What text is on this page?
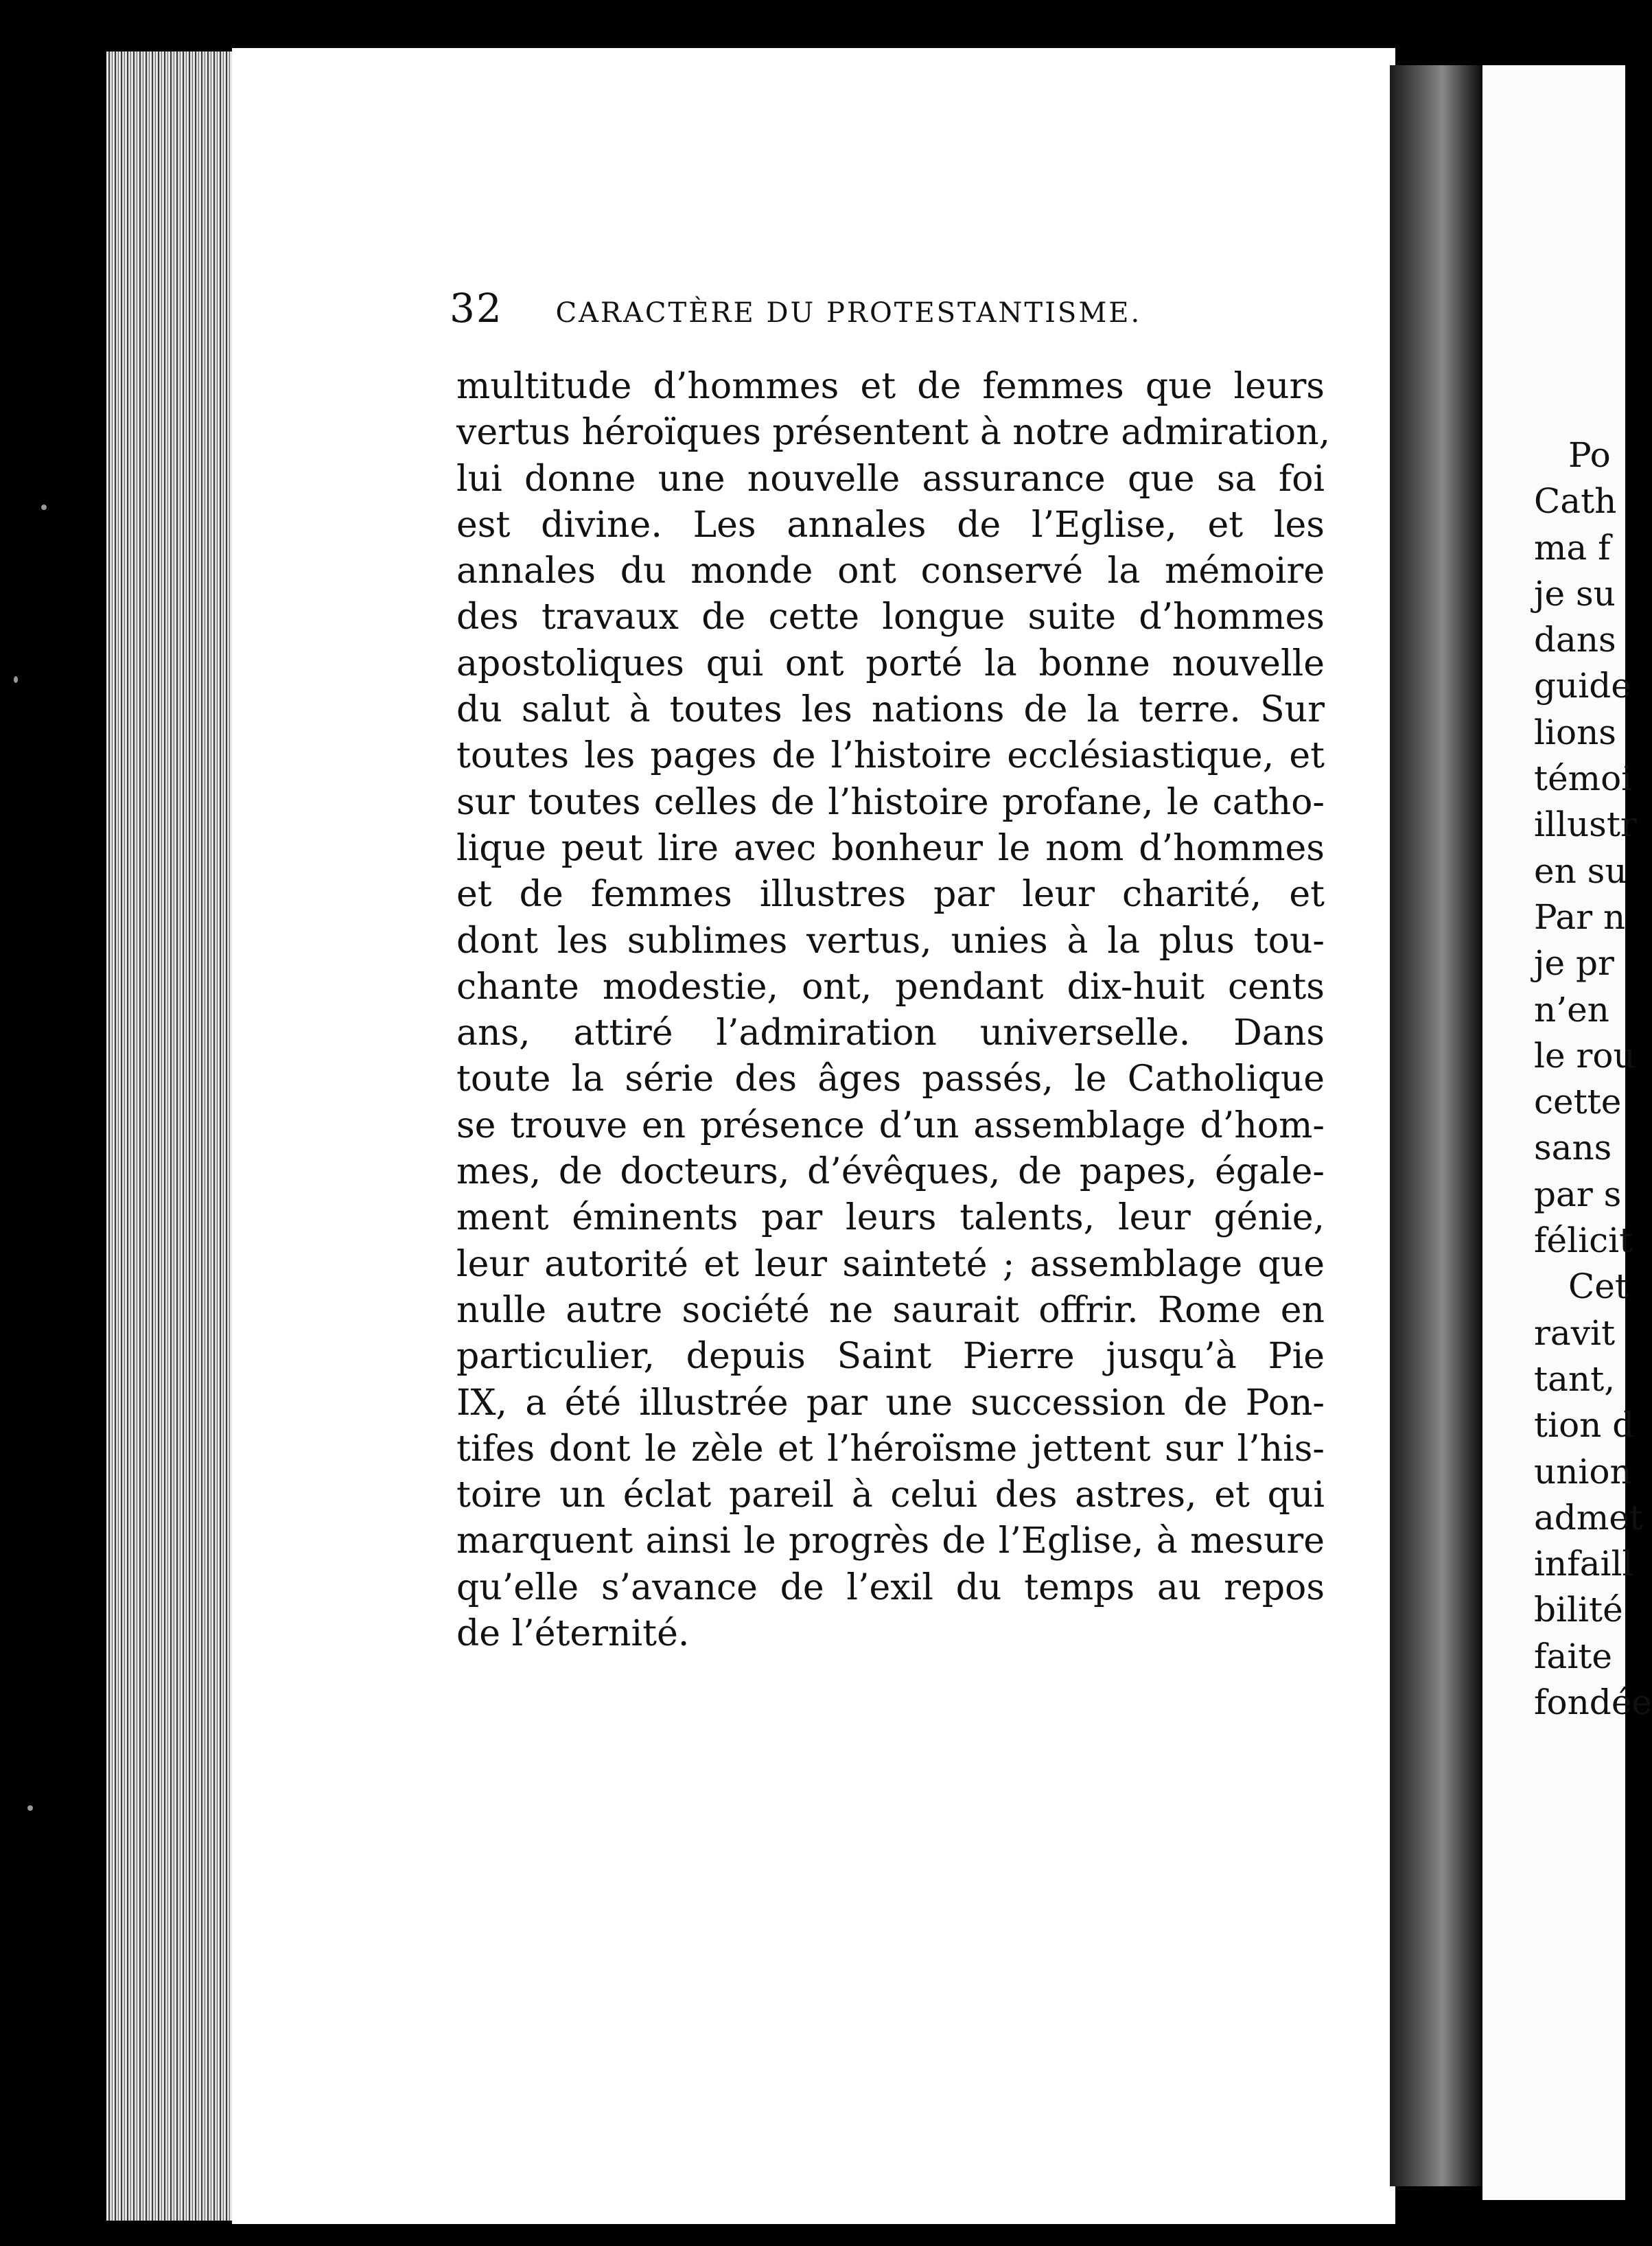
Po
Cath
ma f
je su
dans
guide
lions
témoi
illustr
en su
Par n
je pr
n’en
le rou
cette
sans
par s
félicit
Cet
ravit
tant,
tion d
union
admet
infaill
bilité
faite
fondée
32 CARACTÈRE DU PROTESTANTISME.
multitude d’hommes et de femmes que leurs
vertus héroïques présentent à notre admiration,
lui donne une nouvelle assurance que sa foi
est divine. Les annales de l’Eglise, et les
annales du monde ont conservé la mémoire
des travaux de cette longue suite d’hommes
apostoliques qui ont porté la bonne nouvelle
du salut à toutes les nations de la terre. Sur
toutes les pages de l’histoire ecclésiastique, et
sur toutes celles de l’histoire profane, le catho-
lique peut lire avec bonheur le nom d’hommes
et de femmes illustres par leur charité, et
dont les sublimes vertus, unies à la plus tou-
chante modestie, ont, pendant dix-huit cents
ans, attiré l’admiration universelle. Dans
toute la série des âges passés, le Catholique
se trouve en présence d’un assemblage d’hom-
mes, de docteurs, d’évêques, de papes, égale-
ment éminents par leurs talents, leur génie,
leur autorité et leur sainteté ; assemblage que
nulle autre société ne saurait offrir. Rome en
particulier, depuis Saint Pierre jusqu’à Pie
IX, a été illustrée par une succession de Pon-
tifes dont le zèle et l’héroïsme jettent sur l’his-
toire un éclat pareil à celui des astres, et qui
marquent ainsi le progrès de l’Eglise, à mesure
qu’elle s’avance de l’exil du temps au repos
de l’éternité.
